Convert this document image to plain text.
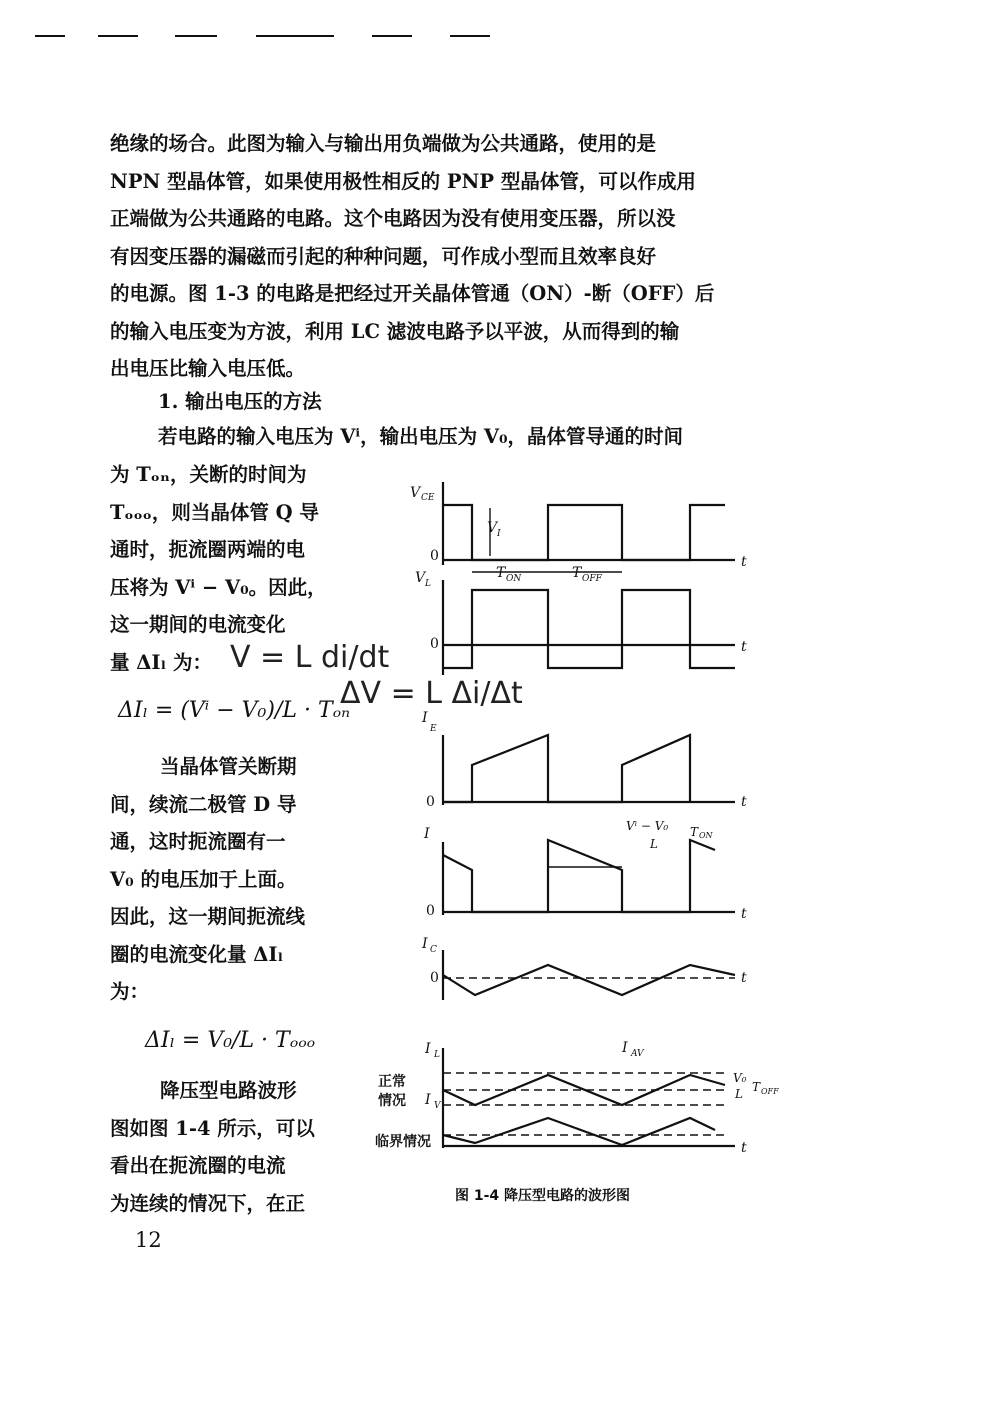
绝缘的场合。此图为输入与输出用负端做为公共通路，使用的是
NPN 型晶体管，如果使用极性相反的 PNP 型晶体管，可以作成用
正端做为公共通路的电路。这个电路因为没有使用变压器，所以没
有因变压器的漏磁而引起的种种问题，可作成小型而且效率良好
的电源。图 1-3 的电路是把经过开关晶体管通（ON）-断（OFF）后
的输入电压变为方波，利用 LC 滤波电路予以平波，从而得到的输
出电压比输入电压低。
1. 输出电压的方法
若电路的输入电压为 Vⁱ，输出电压为 V₀，晶体管导通的时间
为 Tₒₙ，关断的时间为
Tₒₒₒ，则当晶体管 Q 导
通时，扼流圈两端的电
压将为 Vⁱ − V₀。因此，
这一期间的电流变化
量 ΔIₗ 为：
ΔIₗ = (Vⁱ − V₀)/L · Tₒₙ
当晶体管关断期
间，续流二极管 D 导
通，这时扼流圈有一
V₀ 的电压加于上面。
因此，这一期间扼流线
圈的电流变化量 ΔIₗ
为：
ΔIₗ = V₀/L · Tₒₒₒ
降压型电路波形
图如图 1-4 所示，可以
看出在扼流圈的电流
为连续的情况下，在正
V = L di/dt
ΔV = L Δi/Δt
V CE
V I
0	t
T ON	T OFF
V L
0	t
I
E
0	t
I	Vⁱ − V₀
L
T ON
0	t
I C
0	t
I L	I AV
I V
V₀
L T OFF
t
正常
情况
临界情况
图 1-4 降压型电路的波形图
12
